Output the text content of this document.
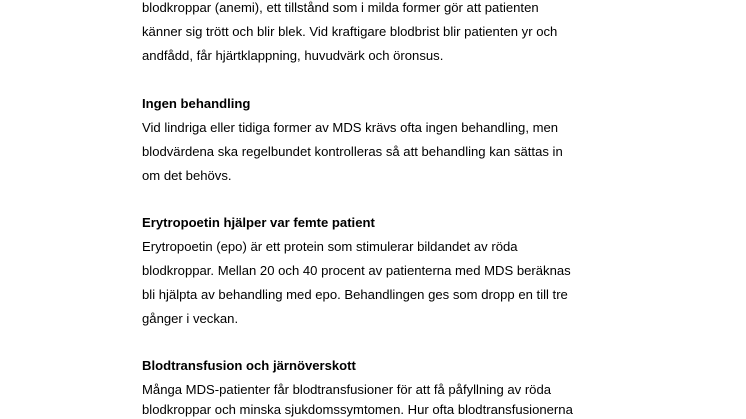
blodkroppar (anemi), ett tillstånd som i milda former gör att patienten
känner sig trött och blir blek. Vid kraftigare blodbrist blir patienten yr och
andfådd, får hjärtklappning, huvudvärk och öronsus.
Ingen behandling
Vid lindriga eller tidiga former av MDS krävs ofta ingen behandling, men
blodvärdena ska regelbundet kontrolleras så att behandling kan sättas in
om det behövs.
Erytropoetin hjälper var femte patient
Erytropoetin (epo) är ett protein som stimulerar bildandet av röda
blodkroppar. Mellan 20 och 40 procent av patienterna med MDS beräknas
bli hjälpta av behandling med epo. Behandlingen ges som dropp en till tre
gånger i veckan.
Blodtransfusion och järnöverskott
Många MDS-patienter får blodtransfusioner för att få påfyllning av röda
blodkroppar och minska sjukdomssymtomen. Hur ofta blodtransfusionerna
